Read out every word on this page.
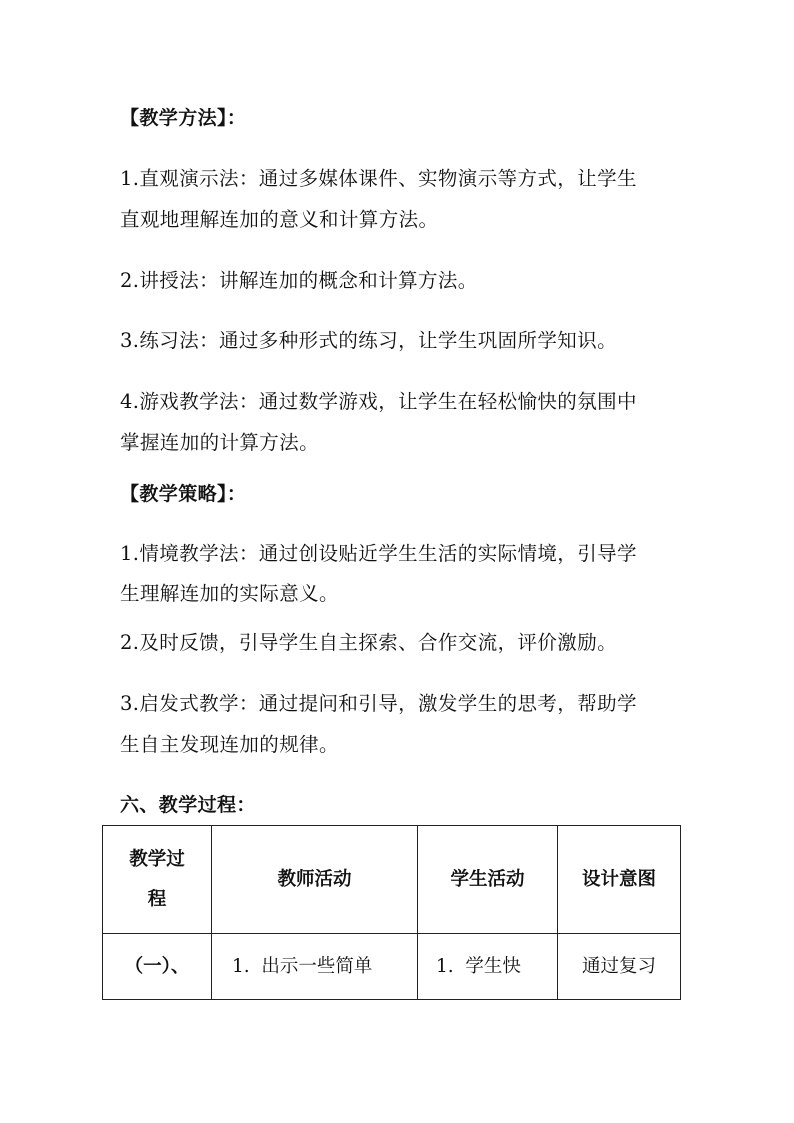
【教学方法】：
1.直观演示法：通过多媒体课件、实物演示等方式，让学生
直观地理解连加的意义和计算方法。
2.讲授法：讲解连加的概念和计算方法。
3.练习法：通过多种形式的练习，让学生巩固所学知识。
4.游戏教学法：通过数学游戏，让学生在轻松愉快的氛围中
掌握连加的计算方法。
【教学策略】：
1.情境教学法：通过创设贴近学生生活的实际情境，引导学
生理解连加的实际意义。
2.及时反馈，引导学生自主探索、合作交流，评价激励。
3.启发式教学：通过提问和引导，激发学生的思考，帮助学
生自主发现连加的规律。
六、教学过程：
教学过
程	教师活动	学生活动	设计意图

（一）、	1.  出示一些简单	1.  学生快	通过复习
